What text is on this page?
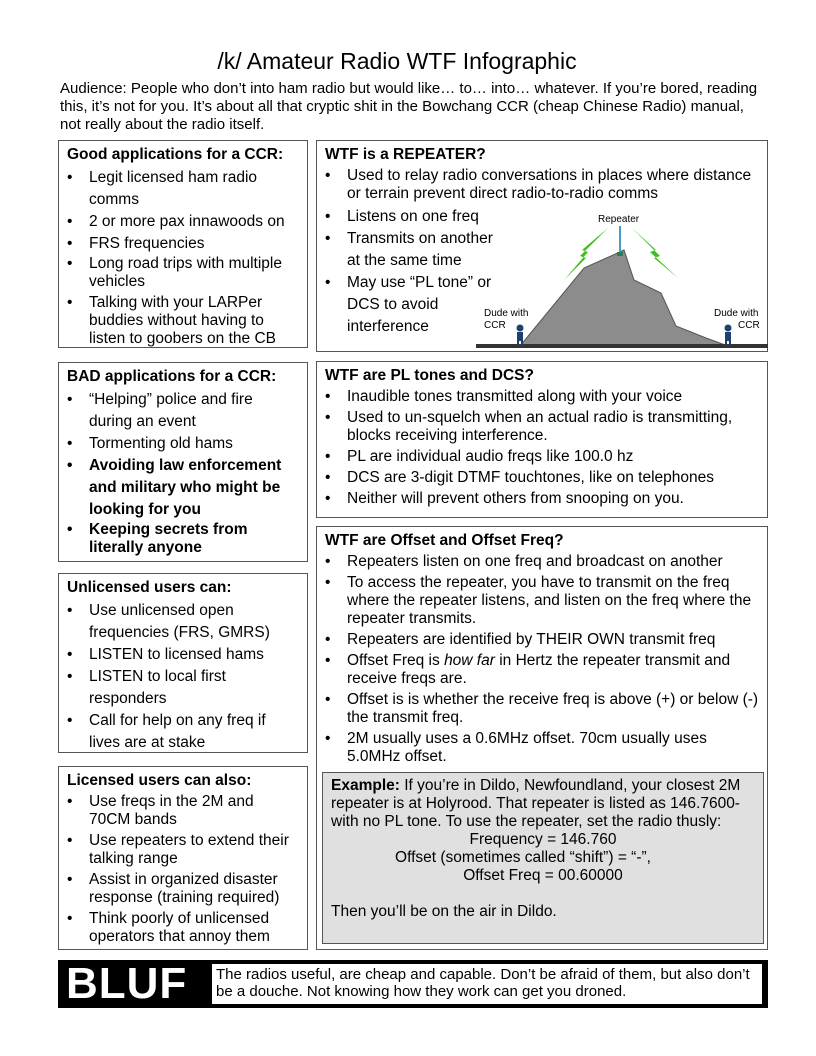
/k/ Amateur Radio WTF Infographic
Audience: People who don’t into ham radio but would like… to… into… whatever. If you’re bored, reading this, it’s not for you. It’s about all that cryptic shit in the Bowchang CCR (cheap Chinese Radio) manual, not really about the radio itself.
Good applications for a CCR:
• Legit licensed ham radio comms
• 2 or more pax innawoods on
• FRS frequencies
• Long road trips with multiple vehicles
• Talking with your LARPer buddies without having to listen to goobers on the CB
BAD applications for a CCR:
• “Helping” police and fire during an event
• Tormenting old hams
• Avoiding law enforcement and military who might be looking for you
• Keeping secrets from literally anyone
Unlicensed users can:
• Use unlicensed open frequencies (FRS, GMRS)
• LISTEN to licensed hams
• LISTEN to local first responders
• Call for help on any freq if lives are at stake
Licensed users can also:
• Use freqs in the 2M and 70CM bands
• Use repeaters to extend their talking range
• Assist in organized disaster response (training required)
• Think poorly of unlicensed operators that annoy them
WTF is a REPEATER?
• Used to relay radio conversations in places where distance or terrain prevent direct radio-to-radio comms
• Listens on one freq
• Transmits on another at the same time
• May use “PL tone” or DCS to avoid interference
Repeater
Dude with
CCR
Dude with
CCR
WTF are PL tones and DCS?
• Inaudible tones transmitted along with your voice
• Used to un-squelch when an actual radio is transmitting, blocks receiving interference.
• PL are individual audio freqs like 100.0 hz
• DCS are 3-digit DTMF touchtones, like on telephones
• Neither will prevent others from snooping on you.
WTF are Offset and Offset Freq?
• Repeaters listen on one freq and broadcast on another
• To access the repeater, you have to transmit on the freq where the repeater listens, and listen on the freq where the repeater transmits.
• Repeaters are identified by THEIR OWN transmit freq
• Offset Freq is how far in Hertz the repeater transmit and receive freqs are.
• Offset is is whether the receive freq is above (+) or below (-) the transmit freq.
• 2M usually uses a 0.6MHz offset. 70cm usually uses 5.0MHz offset.
Example: If you’re in Dildo, Newfoundland, your closest 2M repeater is at Holyrood. That repeater is listed as 146.7600- with no PL tone. To use the repeater, set the radio thusly:
Frequency = 146.760
Offset (sometimes called “shift”) = “-”,
Offset Freq = 00.60000
Then you’ll be on the air in Dildo.
BLUF The radios useful, are cheap and capable. Don’t be afraid of them, but also don’t be a douche. Not knowing how they work can get you droned.
